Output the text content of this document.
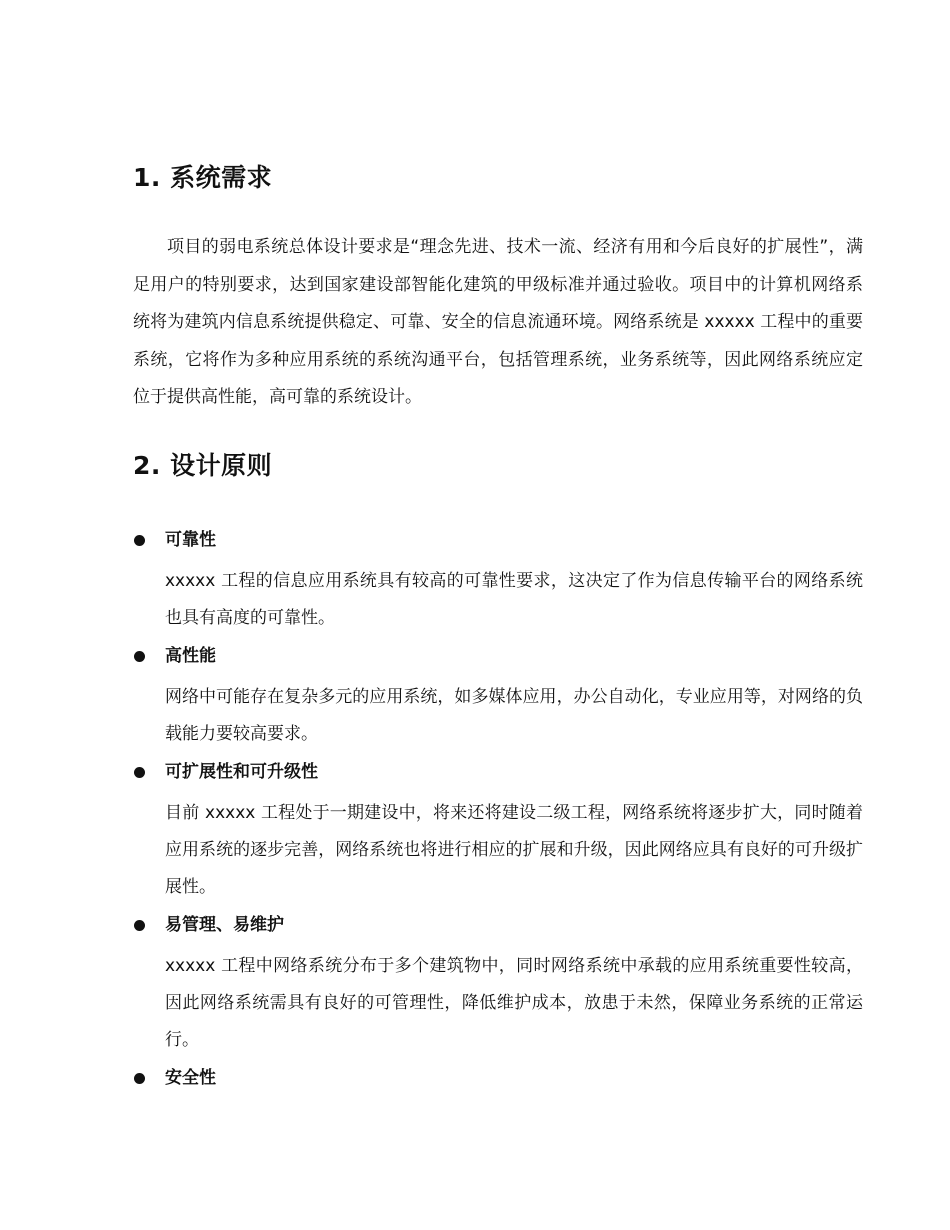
1. 系统需求

项目的弱电系统总体设计要求是“理念先进、技术一流、经济有用和今后良好的扩展性”，满足用户的特别要求，达到国家建设部智能化建筑的甲级标准并通过验收。项目中的计算机网络系统将为建筑内信息系统提供稳定、可靠、安全的信息流通环境。网络系统是 xxxxx 工程中的重要系统，它将作为多种应用系统的系统沟通平台，包括管理系统，业务系统等，因此网络系统应定位于提供高性能，高可靠的系统设计。

2. 设计原则
可靠性

xxxxx 工程的信息应用系统具有较高的可靠性要求，这决定了作为信息传输平台的网络系统也具有高度的可靠性。

高性能

网络中可能存在复杂多元的应用系统，如多媒体应用，办公自动化，专业应用等，对网络的负载能力要较高要求。

可扩展性和可升级性

目前 xxxxx 工程处于一期建设中，将来还将建设二级工程，网络系统将逐步扩大，同时随着应用系统的逐步完善，网络系统也将进行相应的扩展和升级，因此网络应具有良好的可升级扩展性。

易管理、易维护

xxxxx 工程中网络系统分布于多个建筑物中，同时网络系统中承载的应用系统重要性较高，因此网络系统需具有良好的可管理性，降低维护成本，放患于未然，保障业务系统的正常运行。

安全性
